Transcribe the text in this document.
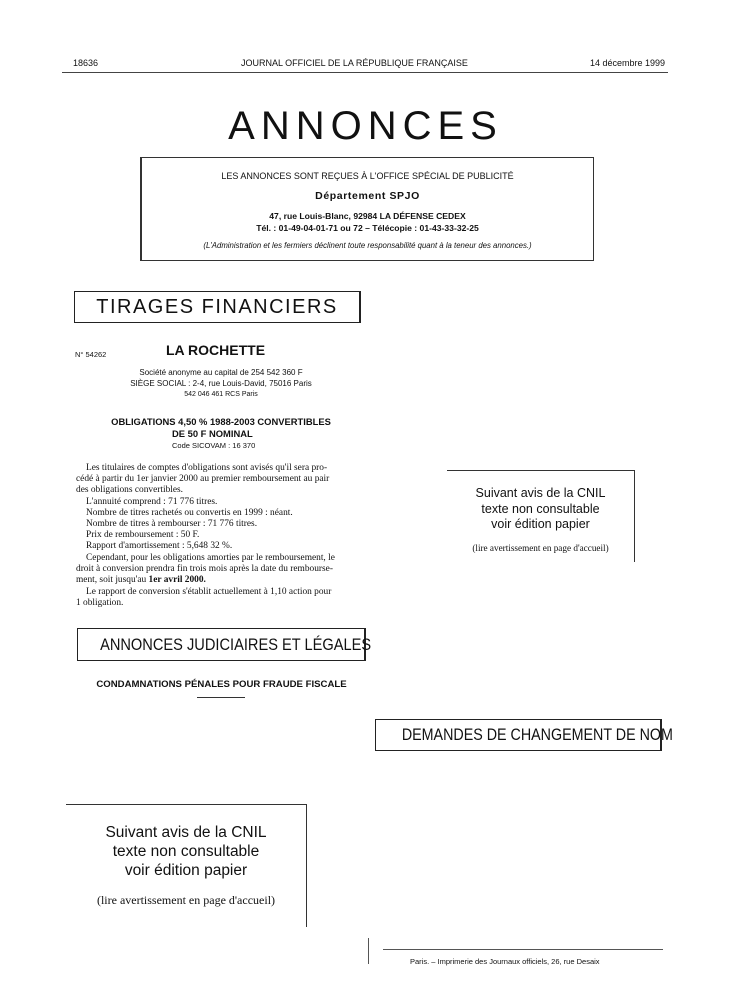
18636	JOURNAL OFFICIEL DE LA RÉPUBLIQUE FRANÇAISE	14 décembre 1999
ANNONCES
LES ANNONCES SONT REÇUES À L'OFFICE SPÉCIAL DE PUBLICITÉ
Département SPJO
47, rue Louis-Blanc, 92984 LA DÉFENSE CEDEX
Tél. : 01-49-04-01-71 ou 72 – Télécopie : 01-43-33-32-25
(L'Administration et les fermiers déclinent toute responsabilité quant à la teneur des annonces.)
TIRAGES FINANCIERS
N° 54262	LA ROCHETTE
Société anonyme au capital de 254 542 360 F
SIÈGE SOCIAL : 2-4, rue Louis-David, 75016 Paris
542 046 461 RCS Paris
OBLIGATIONS 4,50 % 1988-2003 CONVERTIBLES
DE 50 F NOMINAL
Code SICOVAM : 16 370
Les titulaires de comptes d'obligations sont avisés qu'il sera pro-
cédé à partir du 1er janvier 2000 au premier remboursement au pair
des obligations convertibles.
L'annuité comprend : 71 776 titres.
Nombre de titres rachetés ou convertis en 1999 : néant.
Nombre de titres à rembourser : 71 776 titres.
Prix de remboursement : 50 F.
Rapport d'amortissement : 5,648 32 %.
Cependant, pour les obligations amorties par le remboursement, le
droit à conversion prendra fin trois mois après la date du rembourse-
ment, soit jusqu'au 1er avril 2000.
Le rapport de conversion s'établit actuellement à 1,10 action pour
1 obligation.
Suivant avis de la CNIL
texte non consultable
voir édition papier
(lire avertissement en page d'accueil)
ANNONCES JUDICIAIRES ET LÉGALES
CONDAMNATIONS PÉNALES POUR FRAUDE FISCALE
DEMANDES DE CHANGEMENT DE NOM
Suivant avis de la CNIL
texte non consultable
voir édition papier
(lire avertissement en page d'accueil)
Paris. – Imprimerie des Journaux officiels, 26, rue Desaix
